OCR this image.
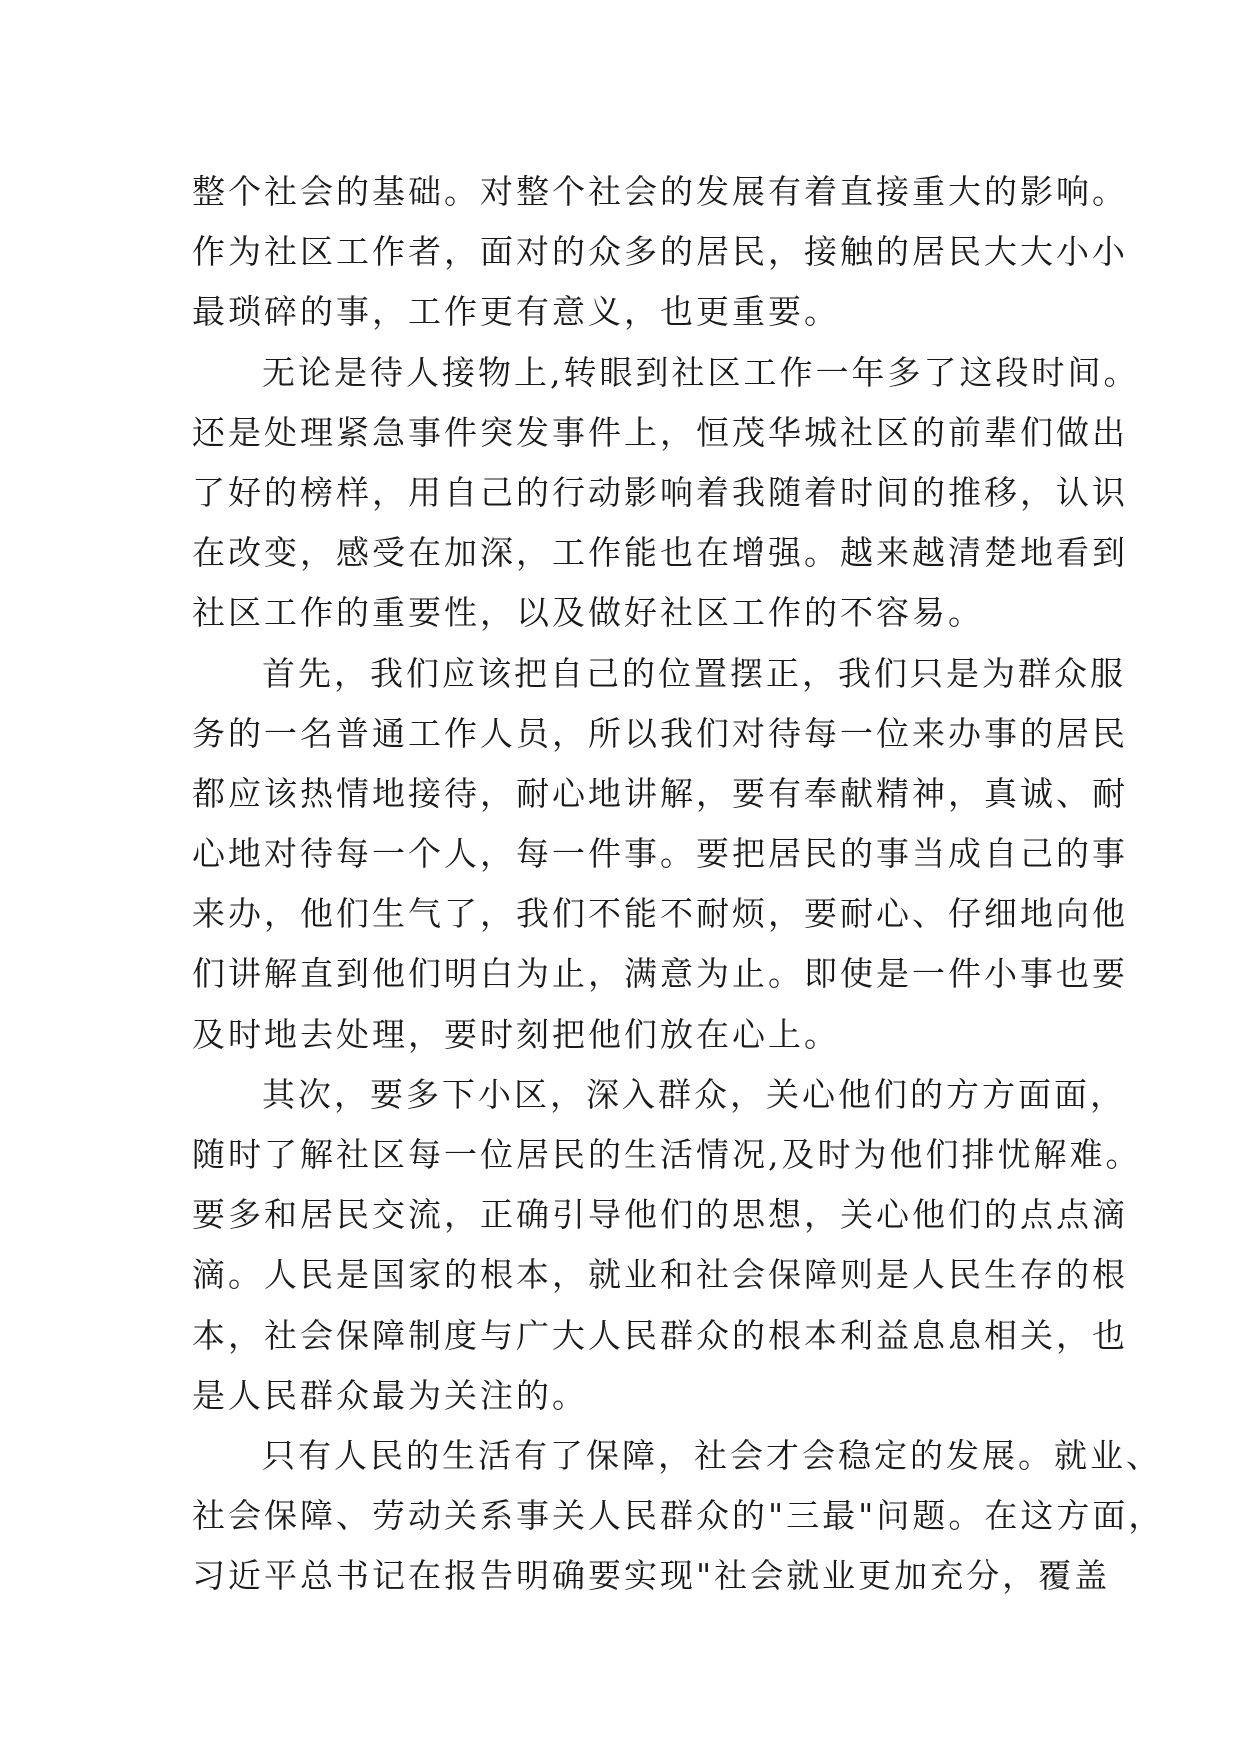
整个社会的基础。对整个社会的发展有着直接重大的影响。
作为社区工作者，面对的众多的居民，接触的居民大大小小
最琐碎的事，工作更有意义，也更重要。
无论是待人接物上,转眼到社区工作一年多了这段时间。
还是处理紧急事件突发事件上，恒茂华城社区的前辈们做出
了好的榜样，用自己的行动影响着我随着时间的推移，认识
在改变，感受在加深，工作能也在增强。越来越清楚地看到
社区工作的重要性，以及做好社区工作的不容易。
首先，我们应该把自己的位置摆正，我们只是为群众服
务的一名普通工作人员，所以我们对待每一位来办事的居民
都应该热情地接待，耐心地讲解，要有奉献精神，真诚、耐
心地对待每一个人，每一件事。要把居民的事当成自己的事
来办，他们生气了，我们不能不耐烦，要耐心、仔细地向他
们讲解直到他们明白为止，满意为止。即使是一件小事也要
及时地去处理，要时刻把他们放在心上。
其次，要多下小区，深入群众，关心他们的方方面面，
随时了解社区每一位居民的生活情况,及时为他们排忧解难。
要多和居民交流，正确引导他们的思想，关心他们的点点滴
滴。人民是国家的根本，就业和社会保障则是人民生存的根
本，社会保障制度与广大人民群众的根本利益息息相关，也
是人民群众最为关注的。
只有人民的生活有了保障，社会才会稳定的发展。就业、
社会保障、劳动关系事关人民群众的"三最"问题。在这方面，
习近平总书记在报告明确要实现"社会就业更加充分，覆盖
